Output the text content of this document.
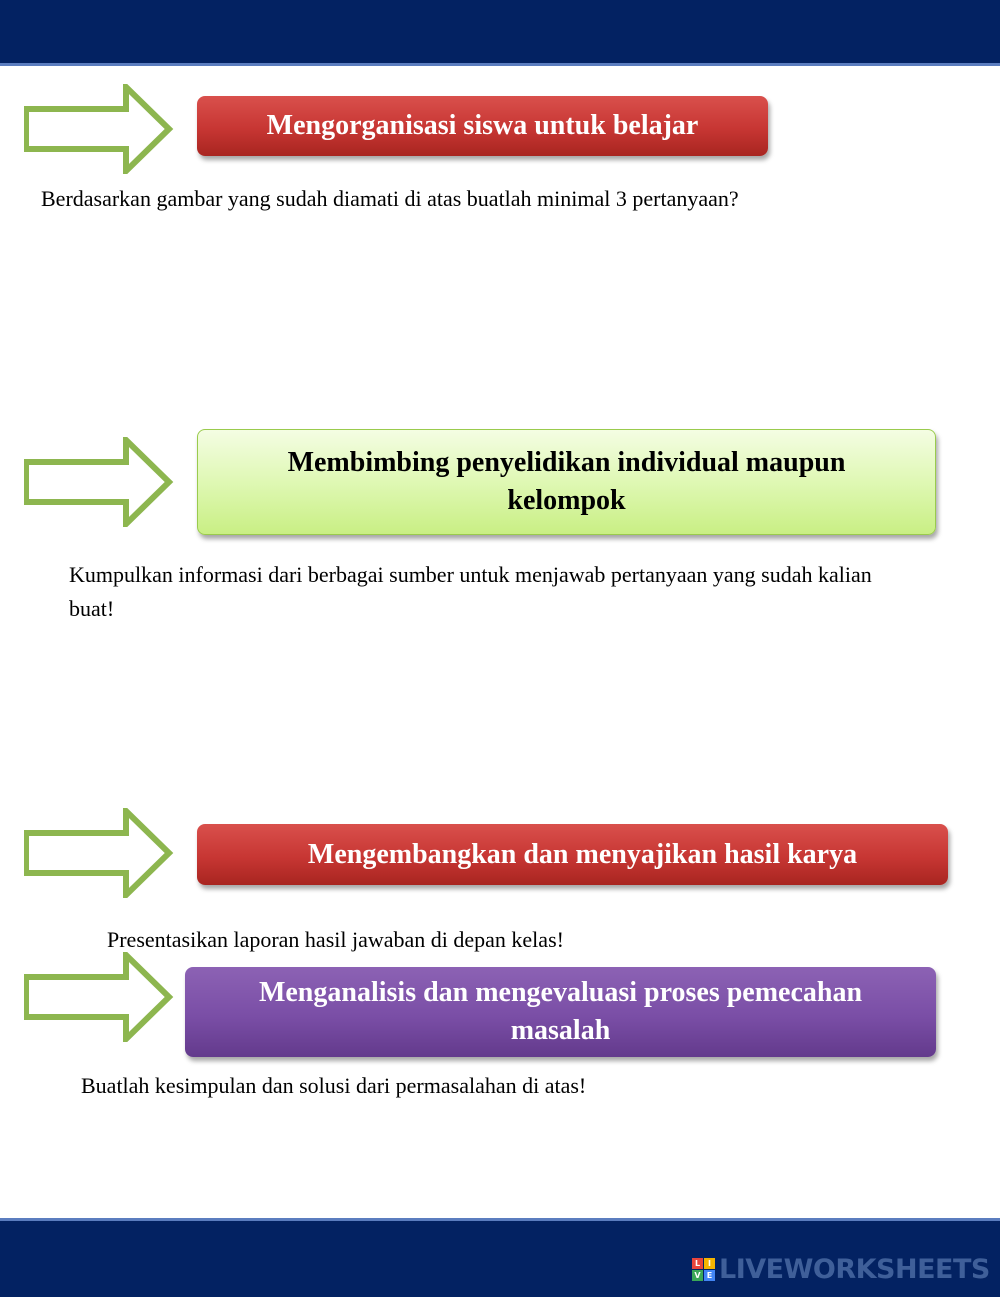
Mengorganisasi siswa untuk belajar
Berdasarkan gambar yang sudah diamati di atas buatlah minimal 3 pertanyaan?
Membimbing penyelidikan individual maupun kelompok
Kumpulkan informasi dari berbagai sumber untuk menjawab pertanyaan yang sudah kalian buat!
Mengembangkan dan menyajikan hasil karya
Presentasikan laporan hasil jawaban di depan kelas!
Menganalisis dan mengevaluasi proses pemecahan masalah
Buatlah kesimpulan dan solusi dari permasalahan di atas!
L I
V E LIVEWORKSHEETS
